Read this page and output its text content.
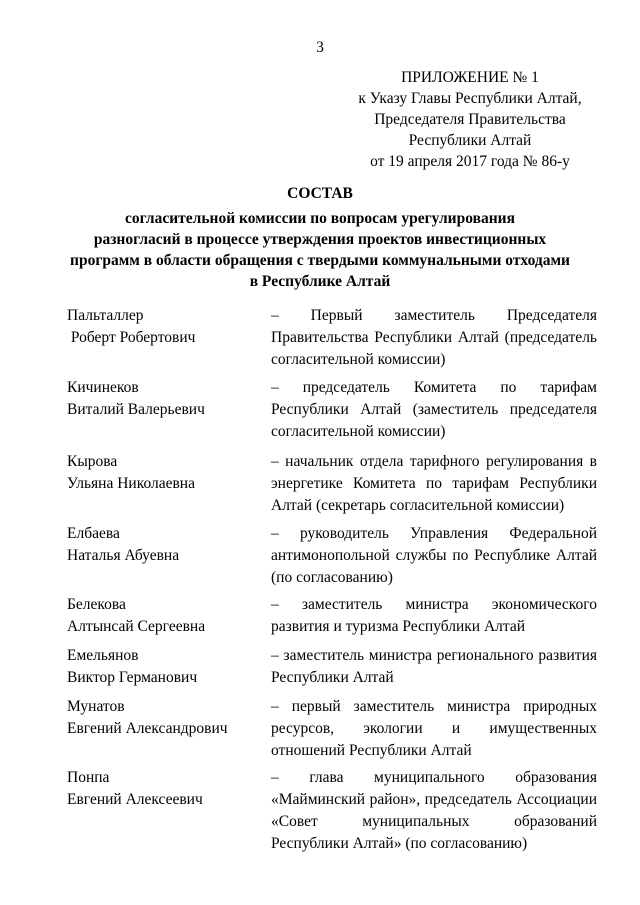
3
ПРИЛОЖЕНИЕ № 1
к Указу Главы Республики Алтай,
Председателя Правительства
Республики Алтай
от 19 апреля 2017 года № 86-у
СОСТАВ
согласительной комиссии по вопросам урегулирования
разногласий в процессе утверждения проектов инвестиционных
программ в области обращения с твердыми коммунальными отходами
в Республике Алтай
Пальталлер
Роберт Робертович
– Первый заместитель Председателя Правительства Республики Алтай (председатель согласительной комиссии)
Кичинеков
Виталий Валерьевич
– председатель Комитета по тарифам Республики Алтай (заместитель председателя согласительной комиссии)
Кырова
Ульяна Николаевна
– начальник отдела тарифного регулирования в энергетике Комитета по тарифам Республики Алтай (секретарь согласительной комиссии)
Елбаева
Наталья Абуевна
– руководитель Управления Федеральной антимонопольной службы по Республике Алтай (по согласованию)
Белекова
Алтынсай Сергеевна
– заместитель министра экономического развития и туризма Республики Алтай
Емельянов
Виктор Германович
– заместитель министра регионального развития Республики Алтай
Мунатов
Евгений Александрович
– первый заместитель министра природных ресурсов, экологии и имущественных отношений Республики Алтай
Понпа
Евгений Алексеевич
– глава муниципального образования «Майминский район», председатель Ассоциации «Совет муниципальных образований Республики Алтай» (по согласованию)
